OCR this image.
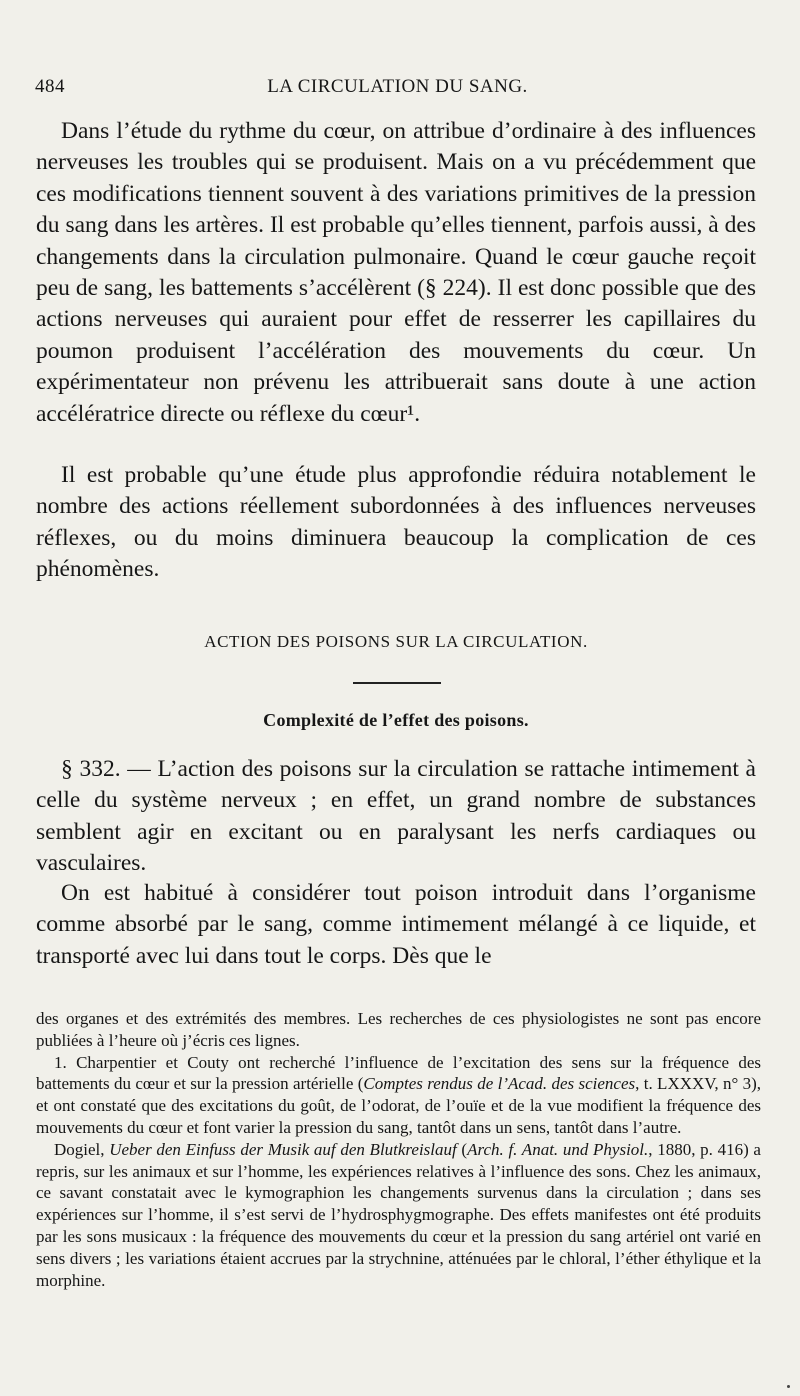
484	LA CIRCULATION DU SANG.

Dans l’étude du rythme du cœur, on attribue d’ordinaire à des influences nerveuses les troubles qui se produisent. Mais on a vu précédemment que ces modifications tiennent souvent à des variations primitives de la pression du sang dans les artères. Il est probable qu’elles tiennent, parfois aussi, à des changements dans la circulation pulmonaire. Quand le cœur gauche reçoit peu de sang, les battements s’accélèrent (§ 224). Il est donc possible que des actions nerveuses qui auraient pour effet de resserrer les capillaires du poumon produisent l’accélération des mouvements du cœur. Un expérimentateur non prévenu les attribuerait sans doute à une action accélératrice directe ou réflexe du cœur¹.

Il est probable qu’une étude plus approfondie réduira notablement le nombre des actions réellement subordonnées à des influences nerveuses réflexes, ou du moins diminuera beaucoup la complication de ces phénomènes.

ACTION DES POISONS SUR LA CIRCULATION.
Complexité de l’effet des poisons.

§ 332. — L’action des poisons sur la circulation se rattache intimement à celle du système nerveux ; en effet, un grand nombre de substances semblent agir en excitant ou en paralysant les nerfs cardiaques ou vasculaires.

On est habitué à considérer tout poison introduit dans l’organisme comme absorbé par le sang, comme intimement mélangé à ce liquide, et transporté avec lui dans tout le corps. Dès que le

des organes et des extrémités des membres. Les recherches de ces physiologistes ne sont pas encore publiées à l’heure où j’écris ces lignes.

1. Charpentier et Couty ont recherché l’influence de l’excitation des sens sur la fréquence des battements du cœur et sur la pression artérielle (Comptes rendus de l’Acad. des sciences, t. LXXXV, n° 3), et ont constaté que des excitations du goût, de l’odorat, de l’ouïe et de la vue modifient la fréquence des mouvements du cœur et font varier la pression du sang, tantôt dans un sens, tantôt dans l’autre.

Dogiel, Ueber den Einfuss der Musik auf den Blutkreislauf (Arch. f. Anat. und Physiol., 1880, p. 416) a repris, sur les animaux et sur l’homme, les expériences relatives à l’influence des sons. Chez les animaux, ce savant constatait avec le kymographion les changements survenus dans la circulation ; dans ses expériences sur l’homme, il s’est servi de l’hydrosphygmographe. Des effets manifestes ont été produits par les sons musicaux : la fréquence des mouvements du cœur et la pression du sang artériel ont varié en sens divers ; les variations étaient accrues par la strychnine, atténuées par le chloral, l’éther éthylique et la morphine.
